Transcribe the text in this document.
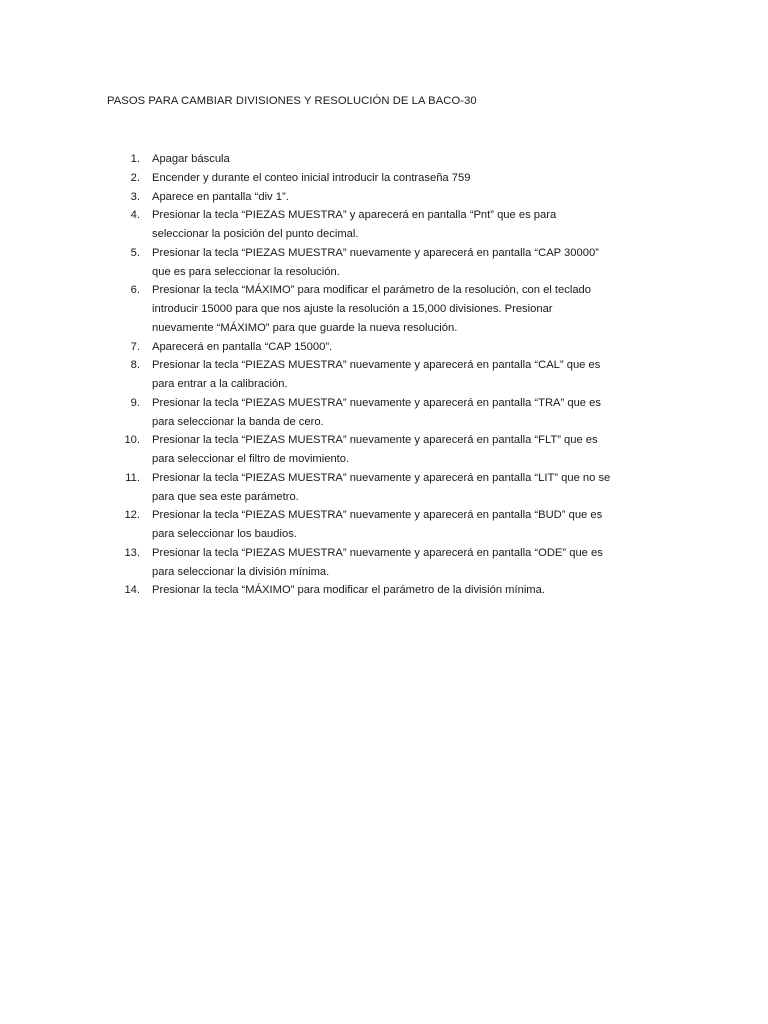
PASOS PARA CAMBIAR DIVISIONES Y RESOLUCIÓN DE LA BACO-30
1. Apagar báscula
2. Encender y durante el conteo inicial introducir la contraseña 759
3. Aparece en pantalla “div 1”.
4. Presionar la tecla “PIEZAS MUESTRA” y aparecerá en pantalla “Pnt” que es para
seleccionar la posición del punto decimal.
5. Presionar la tecla “PIEZAS MUESTRA” nuevamente y aparecerá en pantalla “CAP 30000”
que es para seleccionar la resolución.
6. Presionar la tecla “MÁXIMO” para modificar el parámetro de la resolución, con el teclado
introducir 15000 para que nos ajuste la resolución a 15,000 divisiones. Presionar
nuevamente “MÁXIMO” para que guarde la nueva resolución.
7. Aparecerá en pantalla “CAP 15000”.
8. Presionar la tecla “PIEZAS MUESTRA” nuevamente y aparecerá en pantalla “CAL” que es
para entrar a la calibración.
9. Presionar la tecla “PIEZAS MUESTRA” nuevamente y aparecerá en pantalla “TRA” que es
para seleccionar la banda de cero.
10. Presionar la tecla “PIEZAS MUESTRA” nuevamente y aparecerá en pantalla “FLT” que es
para seleccionar el filtro de movimiento.
11. Presionar la tecla “PIEZAS MUESTRA” nuevamente y aparecerá en pantalla “LIT” que no se
para que sea este parámetro.
12. Presionar la tecla “PIEZAS MUESTRA” nuevamente y aparecerá en pantalla “BUD” que es
para seleccionar los baudios.
13. Presionar la tecla “PIEZAS MUESTRA” nuevamente y aparecerá en pantalla “ODE” que es
para seleccionar la división mínima.
14. Presionar la tecla “MÁXIMO” para modificar el parámetro de la división mínima.
